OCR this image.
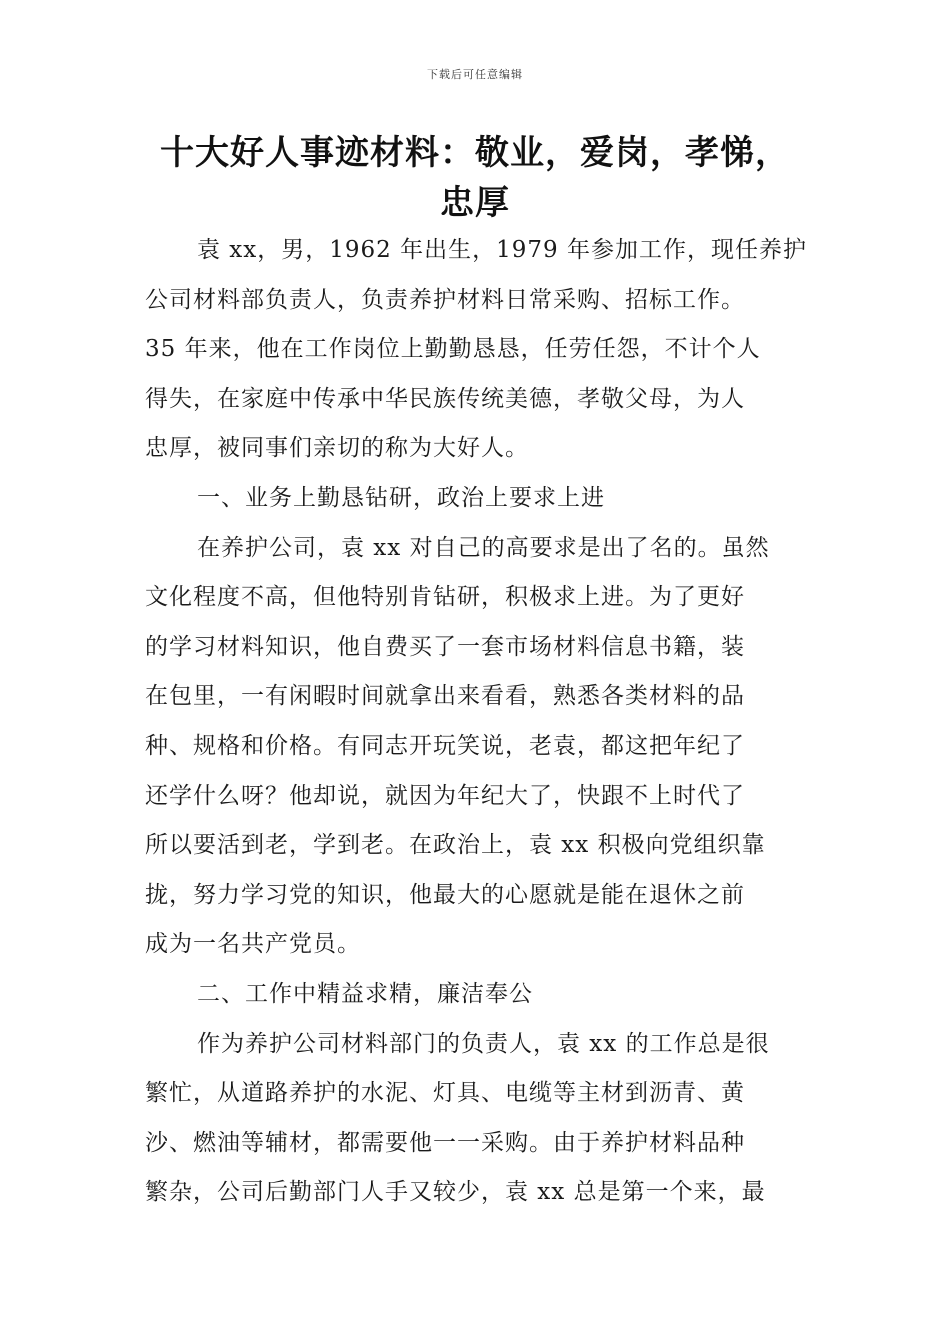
下载后可任意编辑
十大好人事迹材料：敬业，爱岗，孝悌，
忠厚
袁 xx，男，1962 年出生，1979 年参加工作，现任养护
公司材料部负责人，负责养护材料日常采购、招标工作。
35 年来，他在工作岗位上勤勤恳恳，任劳任怨，不计个人
得失，在家庭中传承中华民族传统美德，孝敬父母，为人
忠厚，被同事们亲切的称为大好人。
一、业务上勤恳钻研，政治上要求上进
在养护公司，袁 xx 对自己的高要求是出了名的。虽然
文化程度不高，但他特别肯钻研，积极求上进。为了更好
的学习材料知识，他自费买了一套市场材料信息书籍，装
在包里，一有闲暇时间就拿出来看看，熟悉各类材料的品
种、规格和价格。有同志开玩笑说，老袁，都这把年纪了
还学什么呀？他却说，就因为年纪大了，快跟不上时代了
所以要活到老，学到老。在政治上，袁 xx 积极向党组织靠
拢，努力学习党的知识，他最大的心愿就是能在退休之前
成为一名共产党员。
二、工作中精益求精，廉洁奉公
作为养护公司材料部门的负责人，袁 xx 的工作总是很
繁忙，从道路养护的水泥、灯具、电缆等主材到沥青、黄
沙、燃油等辅材，都需要他一一采购。由于养护材料品种
繁杂，公司后勤部门人手又较少，袁 xx 总是第一个来，最
